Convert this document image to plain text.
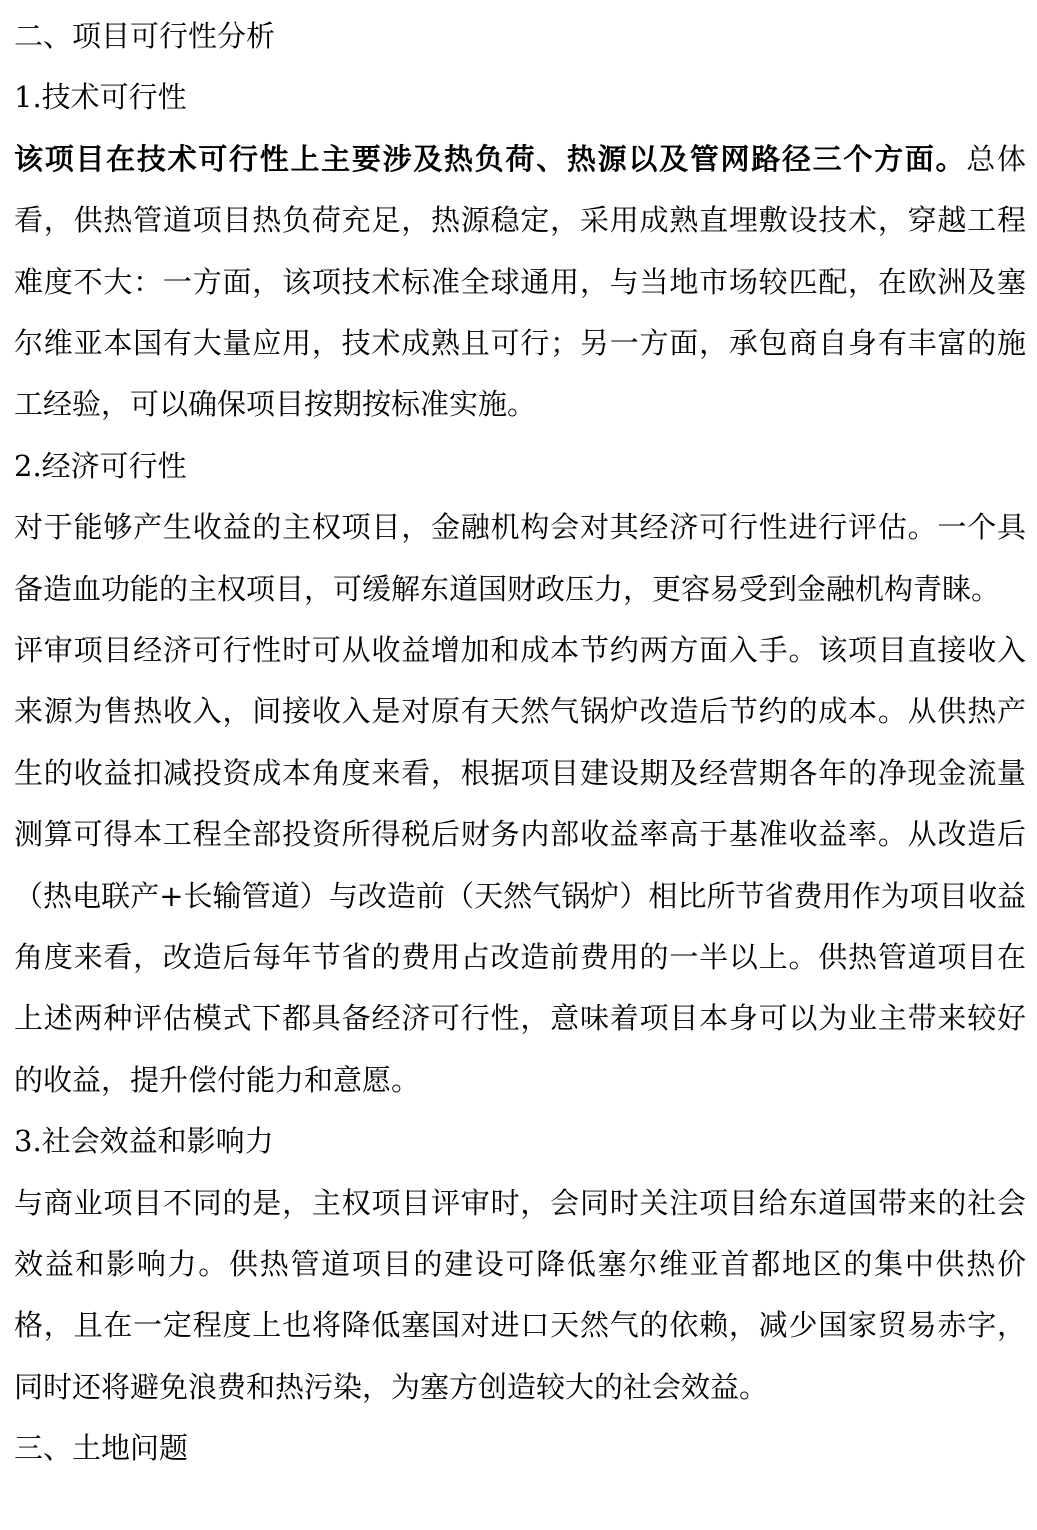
二、项目可行性分析
1.技术可行性

该项目在技术可行性上主要涉及热负荷、热源以及管网路径三个方面。总体看，供热管道项目热负荷充足，热源稳定，采用成熟直埋敷设技术，穿越工程难度不大：一方面，该项技术标准全球通用，与当地市场较匹配，在欧洲及塞尔维亚本国有大量应用，技术成熟且可行；另一方面，承包商自身有丰富的施工经验，可以确保项目按期按标准实施。

2.经济可行性

对于能够产生收益的主权项目，金融机构会对其经济可行性进行评估。一个具备造血功能的主权项目，可缓解东道国财政压力，更容易受到金融机构青睐。

评审项目经济可行性时可从收益增加和成本节约两方面入手。该项目直接收入来源为售热收入，间接收入是对原有天然气锅炉改造后节约的成本。从供热产生的收益扣减投资成本角度来看，根据项目建设期及经营期各年的净现金流量测算可得本工程全部投资所得税后财务内部收益率高于基准收益率。从改造后（热电联产+长输管道）与改造前（天然气锅炉）相比所节省费用作为项目收益角度来看，改造后每年节省的费用占改造前费用的一半以上。供热管道项目在上述两种评估模式下都具备经济可行性，意味着项目本身可以为业主带来较好的收益，提升偿付能力和意愿。

3.社会效益和影响力

与商业项目不同的是，主权项目评审时，会同时关注项目给东道国带来的社会效益和影响力。供热管道项目的建设可降低塞尔维亚首都地区的集中供热价格，且在一定程度上也将降低塞国对进口天然气的依赖，减少国家贸易赤字，同时还将避免浪费和热污染，为塞方创造较大的社会效益。

三、土地问题
